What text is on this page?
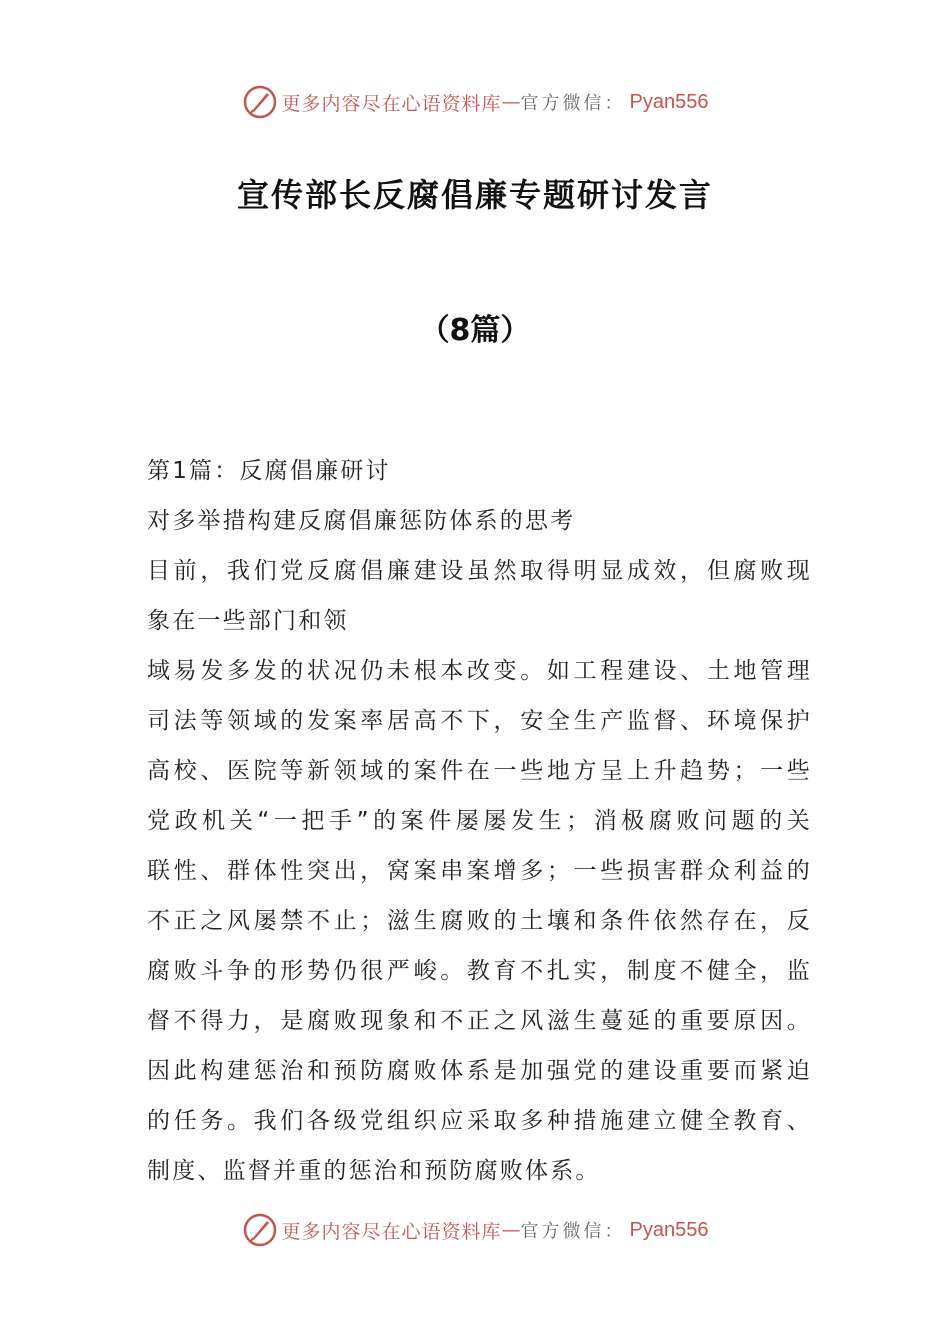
更多内容尽在心语资料库 — 官方微信： Pyan556
宣传部长反腐倡廉专题研讨发言
（8篇）
第1篇：反腐倡廉研讨
对多举措构建反腐倡廉惩防体系的思考
目前，我们党反腐倡廉建设虽然取得明显成效，但腐败现
象在一些部门和领
域易发多发的状况仍未根本改变。如工程建设、土地管理
司法等领域的发案率居高不下，安全生产监督、环境保护
高校、医院等新领域的案件在一些地方呈上升趋势；一些
党政机关“一把手”的案件屡屡发生；消极腐败问题的关
联性、群体性突出，窝案串案增多；一些损害群众利益的
不正之风屡禁不止；滋生腐败的土壤和条件依然存在，反
腐败斗争的形势仍很严峻。教育不扎实，制度不健全，监
督不得力，是腐败现象和不正之风滋生蔓延的重要原因。
因此构建惩治和预防腐败体系是加强党的建设重要而紧迫
的任务。我们各级党组织应采取多种措施建立健全教育、
制度、监督并重的惩治和预防腐败体系。
更多内容尽在心语资料库 — 官方微信： Pyan556
